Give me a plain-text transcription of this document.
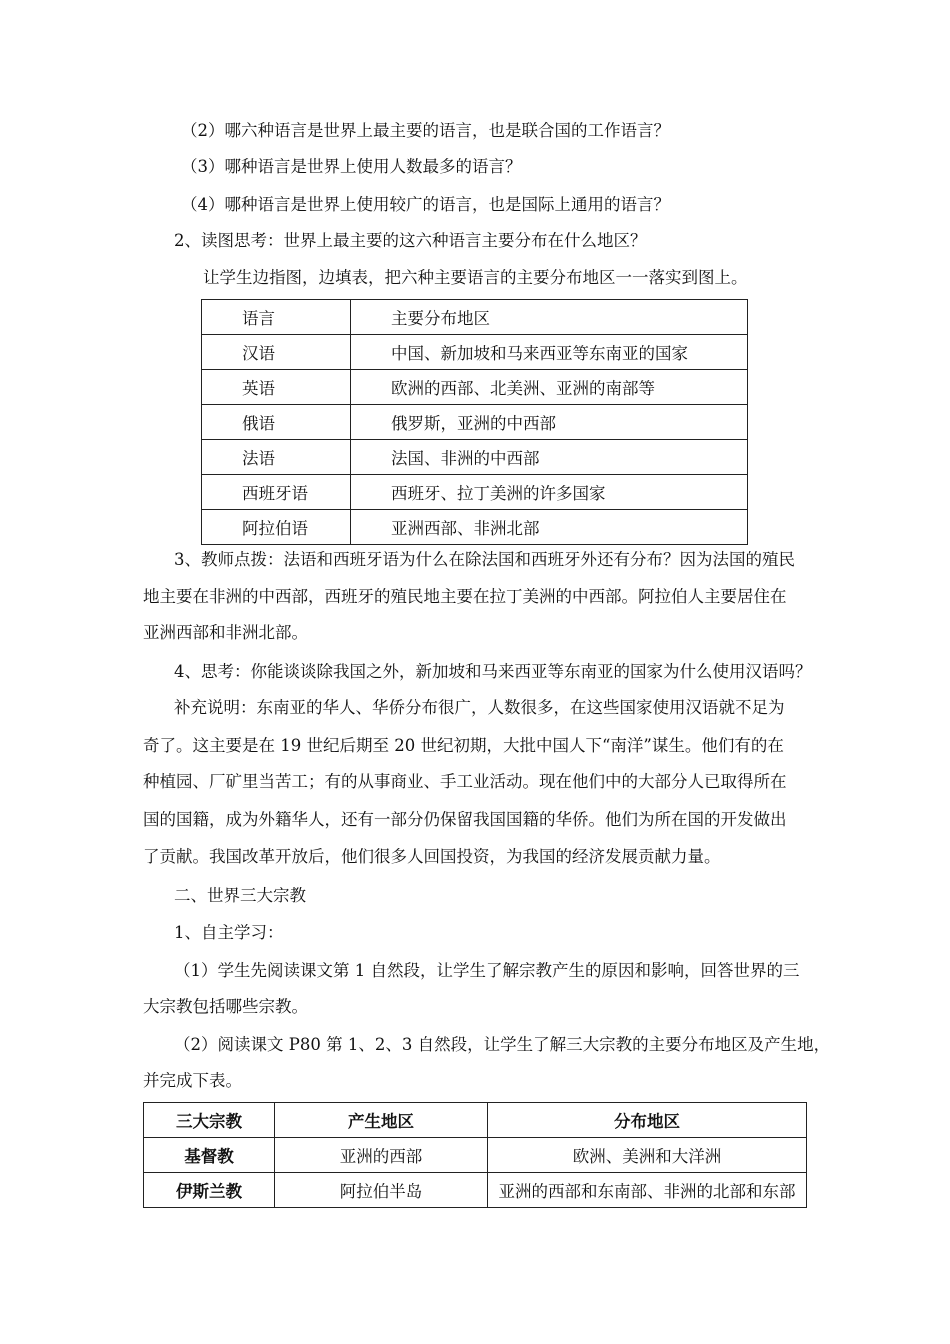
（2）哪六种语言是世界上最主要的语言，也是联合国的工作语言？
（3）哪种语言是世界上使用人数最多的语言？
（4）哪种语言是世界上使用较广的语言，也是国际上通用的语言？
2、读图思考：世界上最主要的这六种语言主要分布在什么地区？
让学生边指图，边填表，把六种主要语言的主要分布地区一一落实到图上。
语言	主要分布地区
汉语	中国、新加坡和马来西亚等东南亚的国家
英语	欧洲的西部、北美洲、亚洲的南部等
俄语	俄罗斯，亚洲的中西部
法语	法国、非洲的中西部
西班牙语	西班牙、拉丁美洲的许多国家
阿拉伯语	亚洲西部、非洲北部
3、教师点拨：法语和西班牙语为什么在除法国和西班牙外还有分布？因为法国的殖民
地主要在非洲的中西部，西班牙的殖民地主要在拉丁美洲的中西部。阿拉伯人主要居住在
亚洲西部和非洲北部。
4、思考：你能谈谈除我国之外，新加坡和马来西亚等东南亚的国家为什么使用汉语吗？
补充说明：东南亚的华人、华侨分布很广，人数很多，在这些国家使用汉语就不足为
奇了。这主要是在 19 世纪后期至 20 世纪初期，大批中国人下“南洋”谋生。他们有的在
种植园、厂矿里当苦工；有的从事商业、手工业活动。现在他们中的大部分人已取得所在
国的国籍，成为外籍华人，还有一部分仍保留我国国籍的华侨。他们为所在国的开发做出
了贡献。我国改革开放后，他们很多人回国投资，为我国的经济发展贡献力量。
二、世界三大宗教
1、自主学习：
（1）学生先阅读课文第 1 自然段，让学生了解宗教产生的原因和影响，回答世界的三
大宗教包括哪些宗教。
（2）阅读课文 P80 第 1、2、3 自然段，让学生了解三大宗教的主要分布地区及产生地，
并完成下表。
三大宗教	产生地区	分布地区
基督教	亚洲的西部	欧洲、美洲和大洋洲
伊斯兰教	阿拉伯半岛	亚洲的西部和东南部、非洲的北部和东部
